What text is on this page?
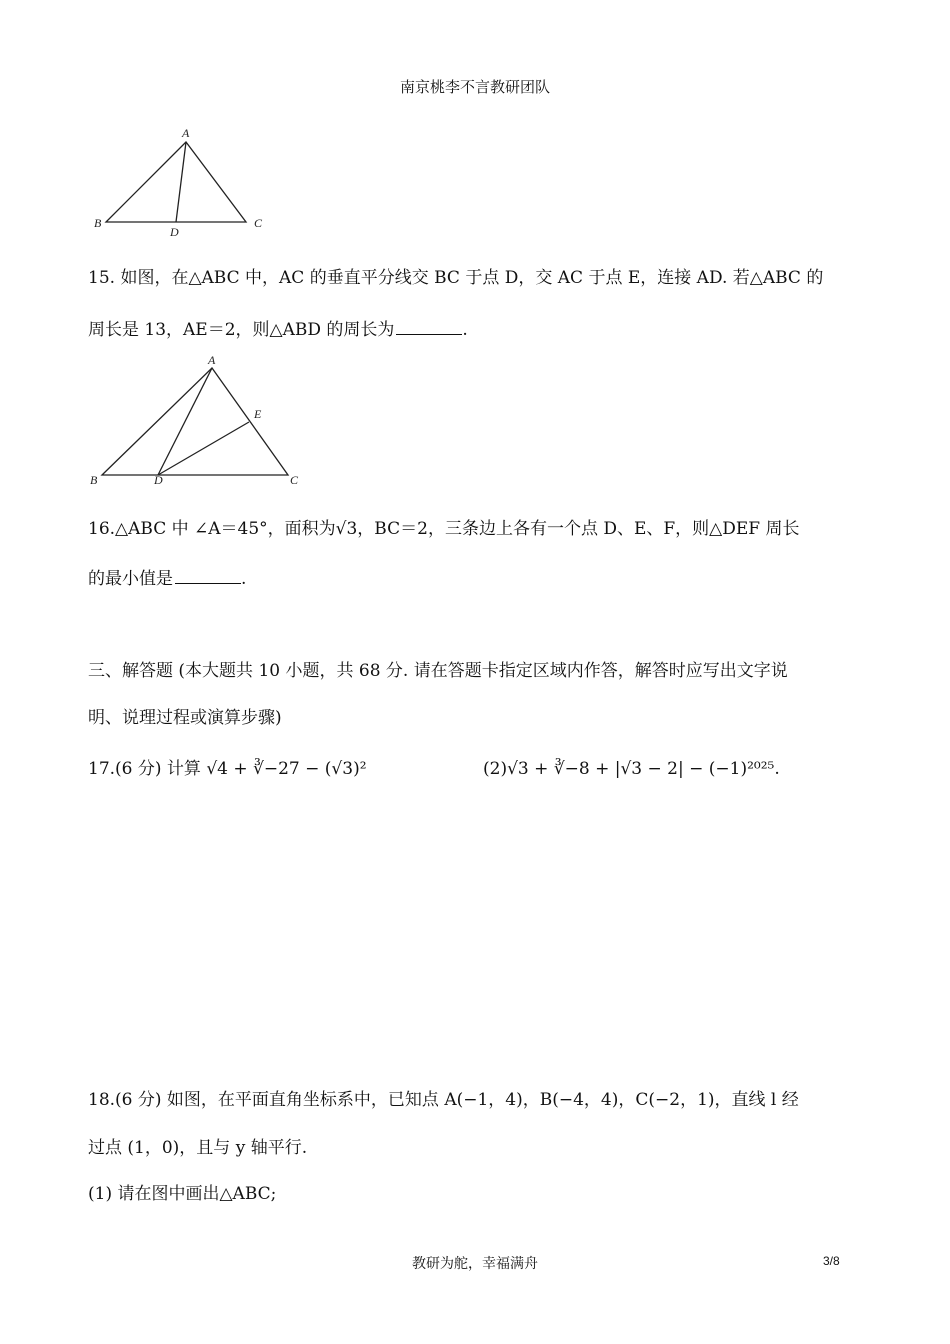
南京桃李不言教研团队
A
B
D
C
15. 如图，在△ABC 中，AC 的垂直平分线交 BC 于点 D，交 AC 于点 E，连接 AD. 若△ABC 的
周长是 13，AE＝2，则△ABD 的周长为	.
A
E
B	D	C
16.△ABC 中 ∠A＝45°，面积为√3，BC＝2，三条边上各有一个点 D、E、F，则△DEF 周长
的最小值是	.
三、解答题 (本大题共 10 小题，共 68 分. 请在答题卡指定区域内作答，解答时应写出文字说
明、说理过程或演算步骤)
17.(6 分) 计算 √4 + ∛−27 − (√3)²	(2)√3 + ∛−8 + |√3 − 2| − (−1)²⁰²⁵.
18.(6 分) 如图，在平面直角坐标系中，已知点 A(−1，4)，B(−4，4)，C(−2，1)，直线 l 经
过点 (1，0)，且与 y 轴平行.
(1) 请在图中画出△ABC;
教研为舵，幸福满舟	3/8
